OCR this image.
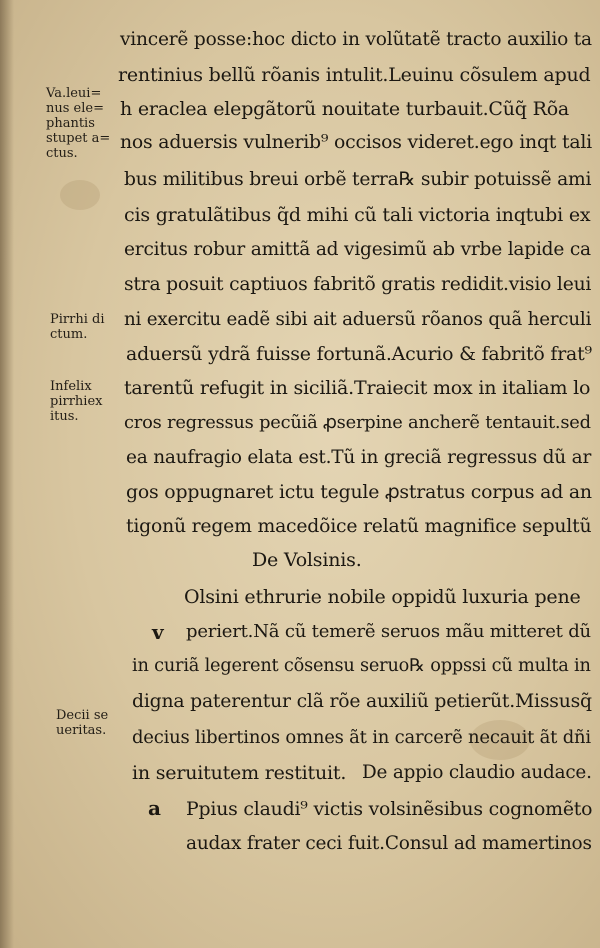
vincerẽ posse:hoc dicto in volũtatẽ tracto auxilio ta
rentinius bellũ rõanis intulit.Leuinu cõsulem apud
h eraclea elepgãtorũ nouitate turbauit.Cũq̃ Rõa
nos aduersis vulnerib⁹ occisos videret.ego inqt tali
bus militibus breui orbẽ terra℞ subir potuissẽ ami
cis gratulãtibus q̃d mihi cũ tali victoria inqtubi ex
ercitus robur amittã ad vigesimũ ab vrbe lapide ca
stra posuit captiuos fabritõ gratis redidit.visio leui
ni exercitu eadẽ sibi ait aduersũ rõanos quã herculi
aduersũ ydrã fuisse fortunã.Acurio & fabritõ frat⁹
tarentũ refugit in siciliã.Traiecit mox in italiam lo
cros regressus pecũiã ꝓserpine ancherẽ tentauit.sed
ea naufragio elata est.Tũ in greciã regressus dũ ar
gos oppugnaret ictu tegule ꝓstratus corpus ad an
tigonũ regem macedõice relatũ magnifice sepultũ
De Volsinis.
Olsini ethrurie nobile oppidũ luxuria pene
periert.Nã cũ temerẽ seruos mãu mitteret dũ
in curiã legerent cõsensu seruo℞ oppssi cũ multa in
digna paterentur clã rõe auxiliũ petierũt.Missusq̃
decius libertinos omnes ãt in carcerẽ necauit ãt dñi
in seruitutem restituit. De appio claudio audace.
Ppius claudi⁹ victis volsinẽsibus cognomẽto
audax frater ceci fuit.Consul ad mamertinos
v
a
Va.leui=
nus ele=
phantis
stupet a=
ctus.
Pirrhi di
ctum.
Infelix
pirrhiex
itus.
Decii se
ueritas.
